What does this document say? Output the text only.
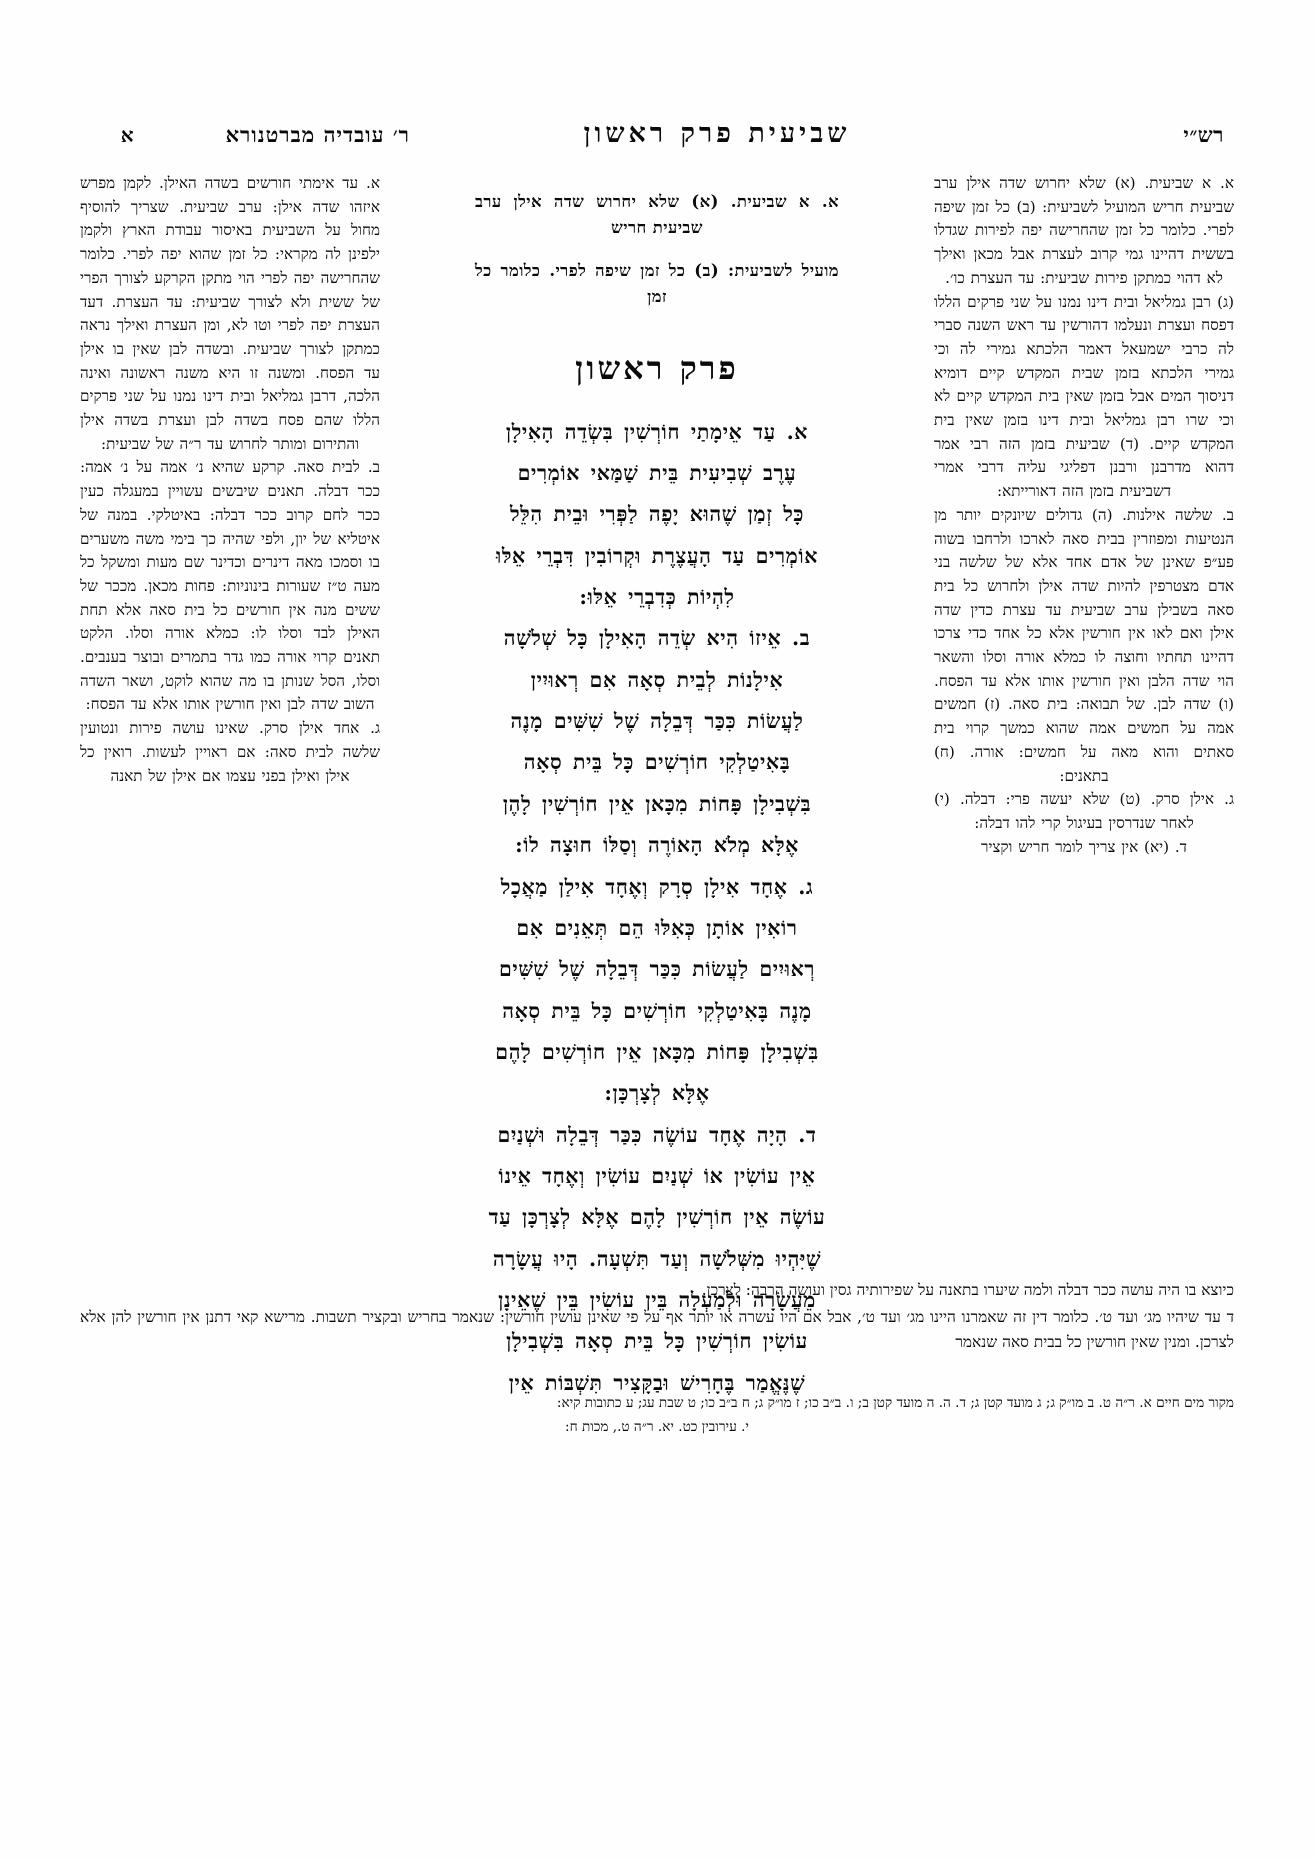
רש״י
שביעית פרק ראשון
ר׳ עובדיה מברטנורא
א

א. א שביעית. (א) שלא יחרוש שדה אילן ערב שביעית חריש המועיל לשביעית: (ב) כל זמן שיפה לפרי. כלומר כל זמן שהחרישה יפה לפירות שגדלו בששית דהיינו גמי קרוב לעצרת אבל מכאן ואילך לא דהוי כמתקן פירות שביעית: עד העצרת כו׳.

(ג) רבן גמליאל ובית דינו נמנו על שני פרקים הללו דפסח ועצרת ונעלמו דהורשין עד ראש השנה סברי לה כרבי ישמעאל דאמר הלכתא גמירי לה וכי גמירי הלכתא בזמן שבית המקדש קיים דומיא דניסוך המים אבל בזמן שאין בית המקדש קיים לא וכי שרו רבן גמליאל ובית דינו בזמן שאין בית המקדש קיים. (ד) שביעית בזמן הזה רבי אמר דהוא מדרבנן ורבנן דפליגי עליה דרבי אמרי דשביעית בזמן הזה דאורייתא:

ב. שלשה אילנות. (ה) גדולים שיונקים יותר מן הנטיעות ומפוזרין בבית סאה לארכו ולרחבו בשוה פע״פ שאינן של אדם אחד אלא של שלשה בני אדם מצטרפין להיות שדה אילן ולחרוש כל בית סאה בשבילן ערב שביעית עד עצרת כדין שדה אילן ואם לאו אין חורשין אלא כל אחד כדי צרכו דהיינו תחתיו וחוצה לו כמלא אורה וסלו והשאר הוי שדה הלבן ואין חורשין אותו אלא עד הפסח. (ו) שדה לבן. של תבואה: בית סאה. (ז) חמשים אמה על חמשים אמה שהוא כמשך קרוי בית סאתים והוא מאה על חמשים: אורה. (ח) בתאנים:

ג. אילן סרק. (ט) שלא יעשה פרי: דבלה. (י) לאחר שנדרסין בעיגול קרי להו דבלה:

ד. (יא) אין צריך לומר חריש וקציר

א. א שביעית. (א) שלא יחרוש שדה אילן ערב שביעית חריש

מועיל לשביעית: (ב) כל זמן שיפה לפרי. כלומר כל זמן

פרק ראשון

א. עַד אֵימָתַי חוֹרְשִׁין בִּשְׂדֵה הָאִילָן

עֶרֶב שְׁבִיעִית בֵּית שַׁמַּאי אוֹמְרִים

כָּל זְמַן שֶׁהוּא יָפֶה לַפְּרִי וּבֵית הִלֵּל

אוֹמְרִים עַד הָעֲצֶרֶת וּקְרוֹבִין דִּבְרֵי אֵלּוּ

לִהְיוֹת כְּדִבְרֵי אֵלּוּ:

ב. אֵיזוֹ הִיא שְׂדֵה הָאִילָן כָּל שְׁלֹשָׁה

אִילָנוֹת לְבֵית סְאָה אִם רְאוּיִין

לַעֲשׂוֹת כִּכַּר דְּבֵלָה שֶׁל שִׁשִּׁים מָנֶה

בָּאִיטַלְקִי חוֹרְשִׁים כָּל בֵּית סְאָה

בִּשְׁבִילָן פָּחוֹת מִכָּאן אֵין חוֹרְשִׁין לָהֶן

אֶלָּא מְלֹא הָאוֹרֶה וְסַלּוֹ חוּצָה לוֹ:

ג. אֶחָד אִילָן סְרָק וְאֶחָד אִילַן מַאֲכָל

רוֹאִין אוֹתָן כְּאִלּוּ הֵם תְּאֵנִים אִם

רְאוּיִים לַעֲשׂוֹת כִּכַּר דְּבֵלָה שֶׁל שִׁשִּׁים

מָנֶה בָּאִיטַלְקִי חוֹרְשִׁים כָּל בֵּית סְאָה

בִּשְׁבִילָן פָּחוֹת מִכָּאן אֵין חוֹרְשִׁים לָהֶם

אֶלָּא לְצָרְכָּן:

ד. הָיָה אֶחָד עוֹשֶׂה כִּכַּר דְּבֵלָה וּשְׁנַיִם

אֵין עוֹשִׂין אוֹ שְׁנַיִם עוֹשִׂין וְאֶחָד אֵינוֹ

עוֹשֶׂה אֵין חוֹרְשִׁין לָהֶם אֶלָּא לְצָרְכָּן עַד

שֶׁיִּהְיוּ מִשְּׁלֹשָׁה וְעַד תִּשְׁעָה. הָיוּ עֲשָׂרָה

מֵעֲשָׂרָה וּלְמַעְלָה בֵּין עוֹשִׂין בֵּין שֶׁאֵינָן

עוֹשִׂין חוֹרְשִׁין כָּל בֵּית סְאָה בִּשְׁבִילָן

שֶׁנֶּאֱמַר בֶּחָרִישׁ וּבַקָּצִיר תִּשְׁבּוֹת אֵין

א. עד אימתי חורשים בשדה האילן. לקמן מפרש איזהו שדה אילן: ערב שביעית. שצריך להוסיף מחול על השביעית באיסור עבודת הארץ ולקמן ילפינן לה מקראי: כל זמן שהוא יפה לפרי. כלומר שהחרישה יפה לפרי הוי מתקן הקרקע לצורך הפרי של ששית ולא לצורך שביעית: עד העצרת. דעד העצרת יפה לפרי וטו לא, ומן העצרת ואילך נראה כמתקן לצורך שביעית. ובשדה לבן שאין בו אילן עד הפסח. ומשנה זו היא משנה ראשונה ואינה הלכה, דרבן גמליאל ובית דינו נמנו על שני פרקים הללו שהם פסח בשדה לבן ועצרת בשדה אילן והתירום ומותר לחרוש עד ר״ה של שביעית:

ב. לבית סאה. קרקע שהיא נ׳ אמה על נ׳ אמה: ככר דבלה. תאנים שיבשים עשויין במעגלה כעין ככר לחם קרוב ככר דבלה: באיטלקי. במנה של איטליא של יון, ולפי שהיה כך בימי משה משערים בו וסמכו מאה דינרים וכדינר שם מעות ומשקל כל מעה ט״ז שעורות בינוניות: פחות מכאן. מככר של ששים מנה אין חורשים כל בית סאה אלא תחת האילן לבד וסלו לו: כמלא אורה וסלו. הלקט תאנים קרוי אורה כמו גדר בתמרים ובוצר בענבים. וסלו, הסל שנותן בו מה שהוא לוקט, ושאר השדה השוב שדה לבן ואין חורשין אותו אלא עד הפסח:

ג. אחד אילן סרק. שאינו עושה פירות ונטועין שלשה לבית סאה: אם ראויין לעשות. רואין כל אילן ואילן בפני עצמו אם אילן של תאנה

כיוצא בו היה עושה ככר דבלה ולמה שיערו בתאנה על שפירותיה גסין ועושה הרבה: לצרכן.

ד עד שיהיו מג׳ ועד ט׳. כלומר דין זה שאמרנו היינו מג׳ ועד ט׳, אבל אם היו עשרה או יותר אף על פי שאינן עושין חורשין: שנאמר בחריש ובקציר תשבות. מרישא קאי דתנן אין חורשין להן אלא לצרכן. ומנין שאין חורשין כל בבית סאה שנאמר

מקור מים חיים א. ר״ה ט. ב מו״ק ג; ג מועד קטן ג; ד. ה. ה מועד קטן ב; ו. ב״ב כו; ז מו״ק ג; ח ב״ב כו; ט שבת עג; ע כתובות קיא:
י. עירובין כט. יא. ר״ה ט., מכות ח:
